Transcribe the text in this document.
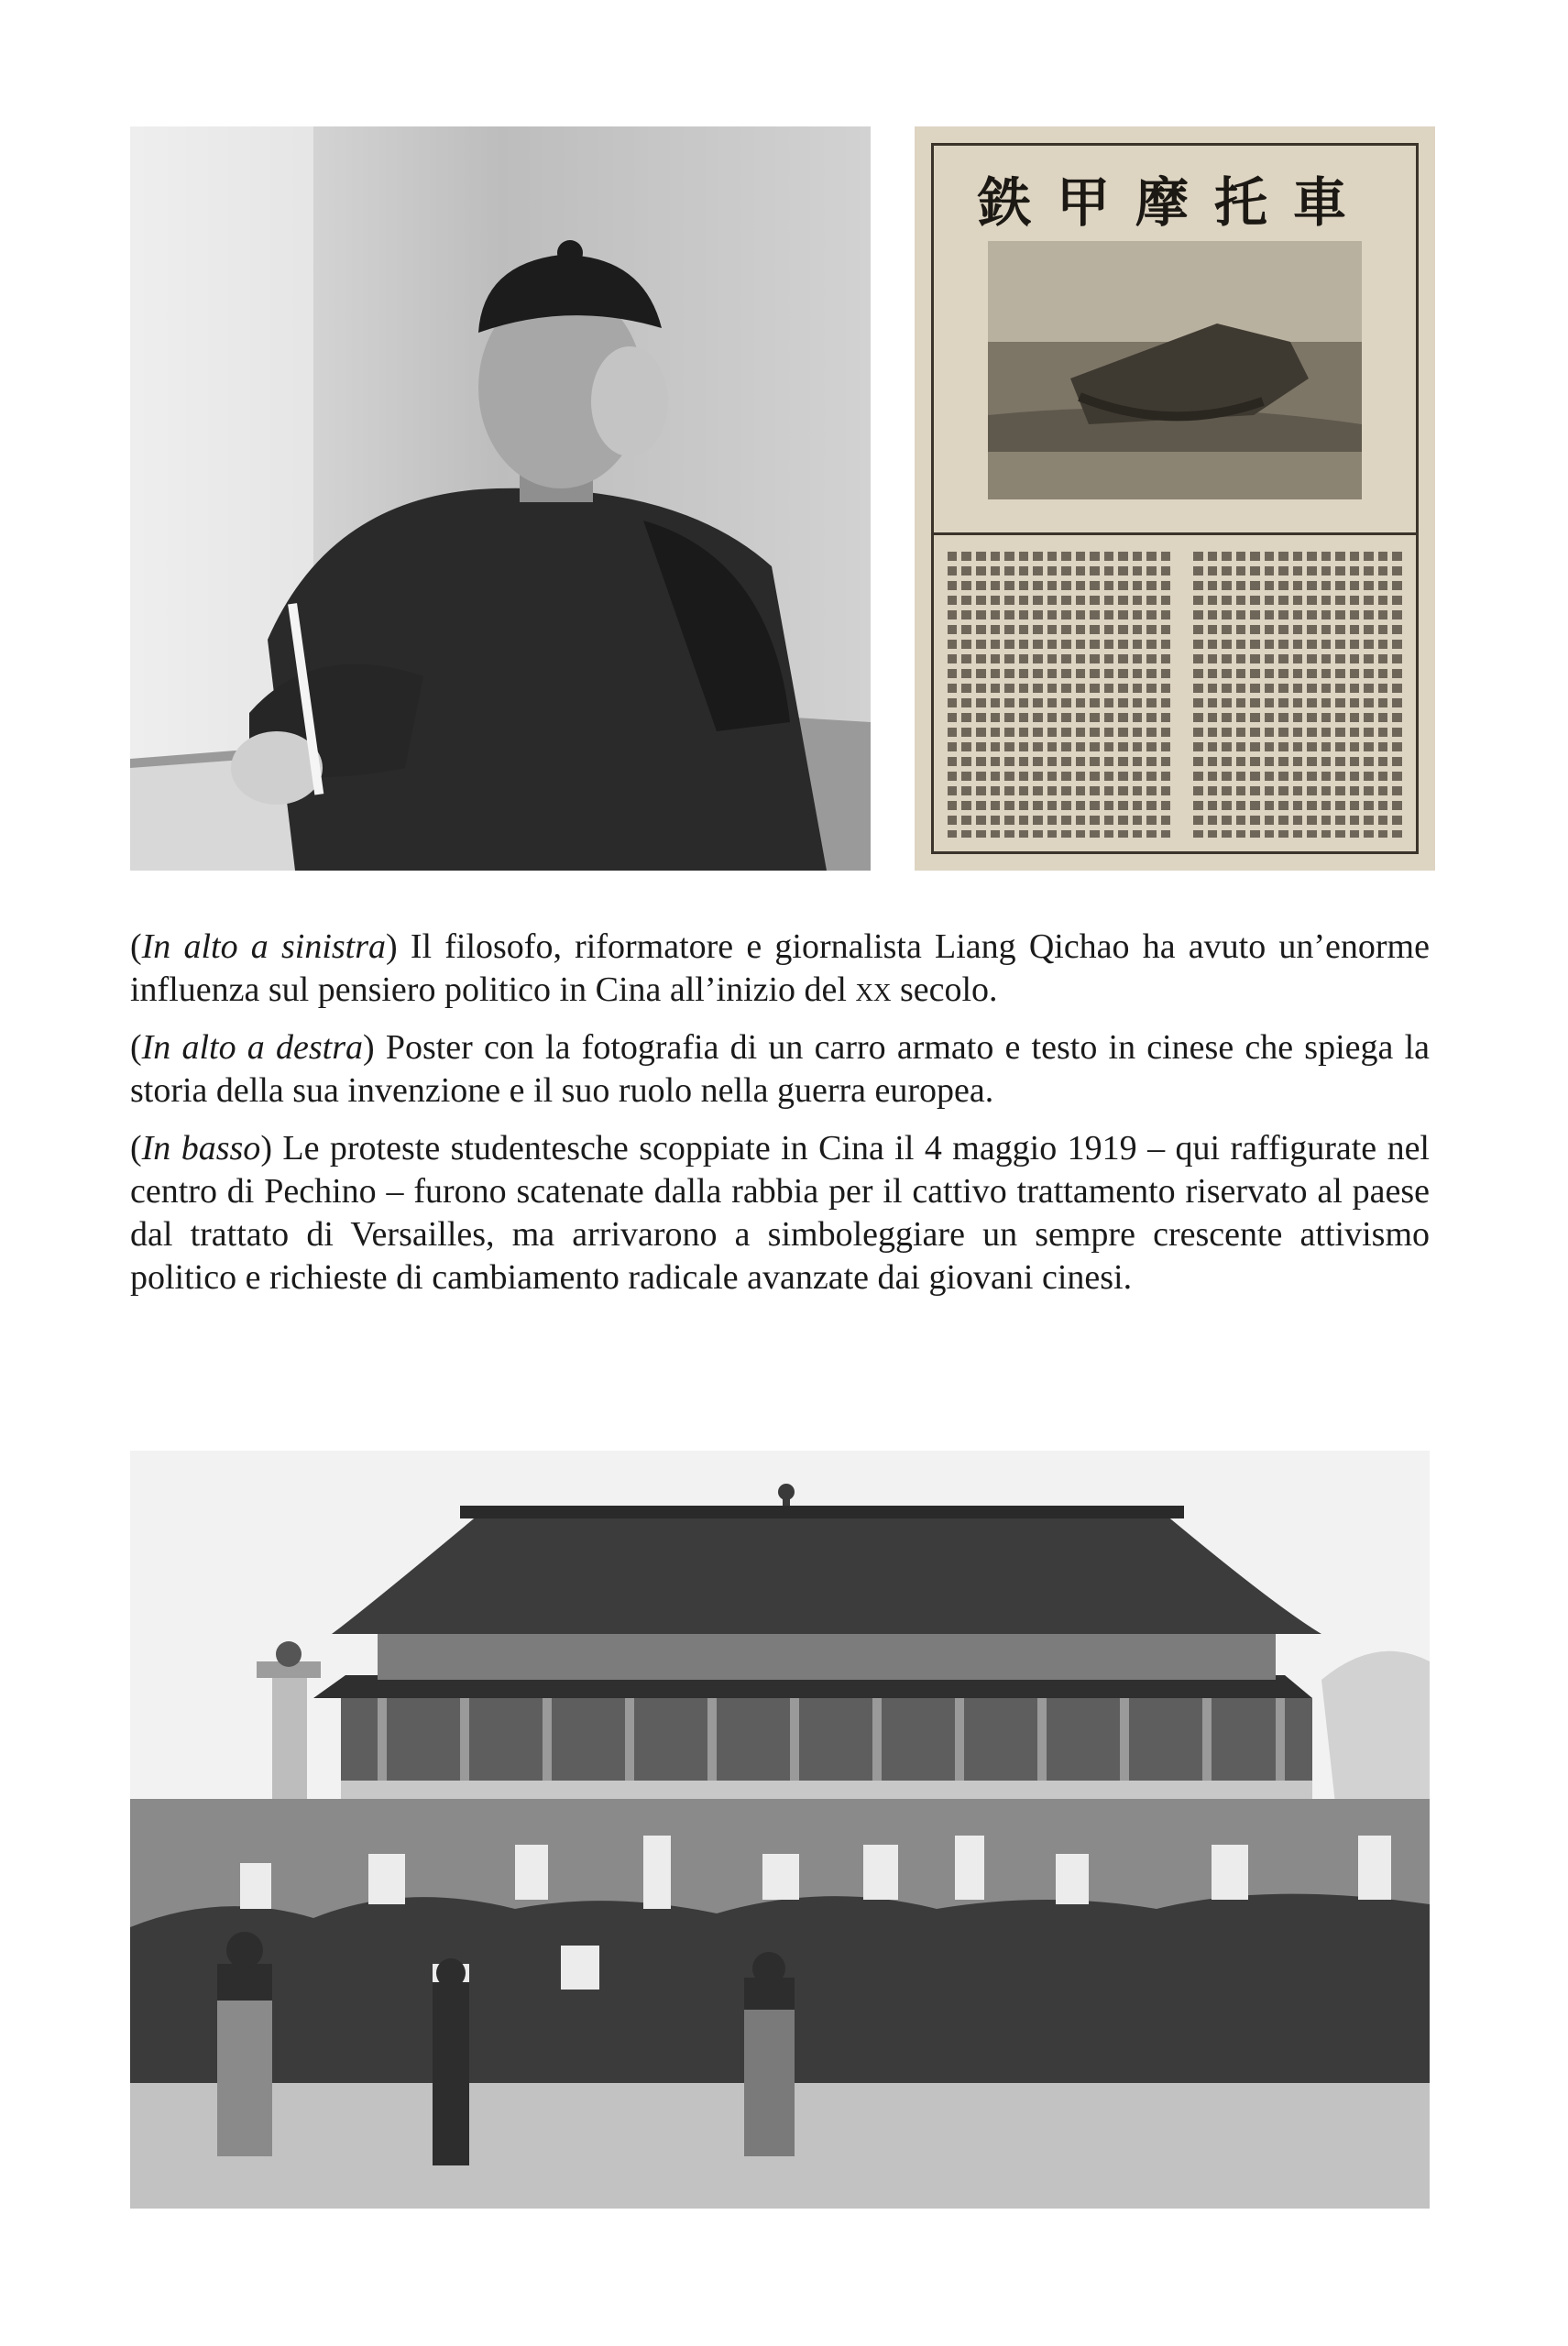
鉄甲摩托車

(In alto a sinistra) Il filosofo, riformatore e giornalista Liang Qichao ha avuto un’enorme influenza sul pensiero politico in Cina all’inizio del xx secolo.

(In alto a destra) Poster con la fotografia di un carro armato e testo in cinese che spiega la storia della sua invenzione e il suo ruolo nella guerra europea.

(In basso) Le proteste studentesche scoppiate in Cina il 4 maggio 1919 – qui raffigurate nel centro di Pechino – furono scatenate dalla rabbia per il cattivo trattamento riservato al paese dal trattato di Versailles, ma arrivarono a simboleggiare un sempre crescente attivismo politico e richieste di cambiamento radicale avanzate dai giovani cinesi.
